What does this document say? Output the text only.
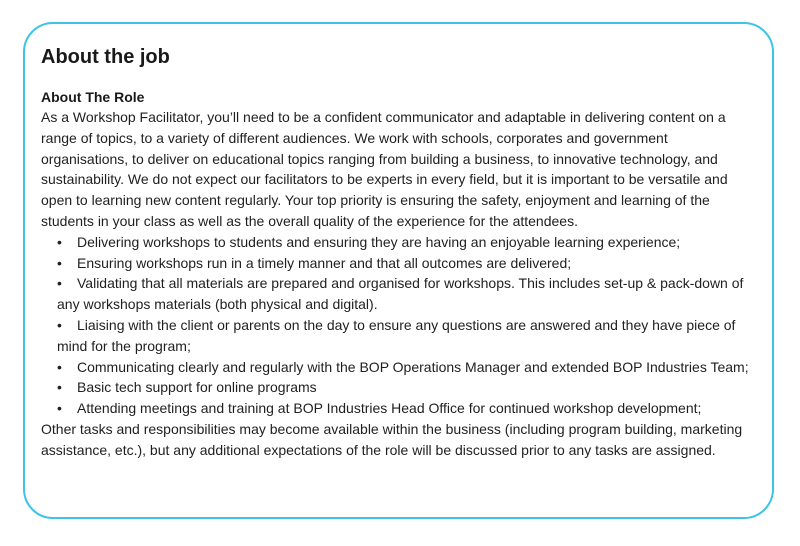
About the job

About The Role

As a Workshop Facilitator, you’ll need to be a confident communicator and adaptable in delivering content on a range of topics, to a variety of different audiences. We work with schools, corporates and government organisations, to deliver on educational topics ranging from building a business, to innovative technology, and sustainability. We do not expect our facilitators to be experts in every field, but it is important to be versatile and open to learning new content regularly. Your top priority is ensuring the safety, enjoyment and learning of the students in your class as well as the overall quality of the experience for the attendees.

•Delivering workshops to students and ensuring they are having an enjoyable learning experience;
•Ensuring workshops run in a timely manner and that all outcomes are delivered;
•Validating that all materials are prepared and organised for workshops. This includes set-up & pack-down of any workshops materials (both physical and digital).
•Liaising with the client or parents on the day to ensure any questions are answered and they have piece of mind for the program;
•Communicating clearly and regularly with the BOP Operations Manager and extended BOP Industries Team;
•Basic tech support for online programs
•Attending meetings and training at BOP Industries Head Office for continued workshop development;

Other tasks and responsibilities may become available within the business (including program building, marketing assistance, etc.), but any additional expectations of the role will be discussed prior to any tasks are assigned.
